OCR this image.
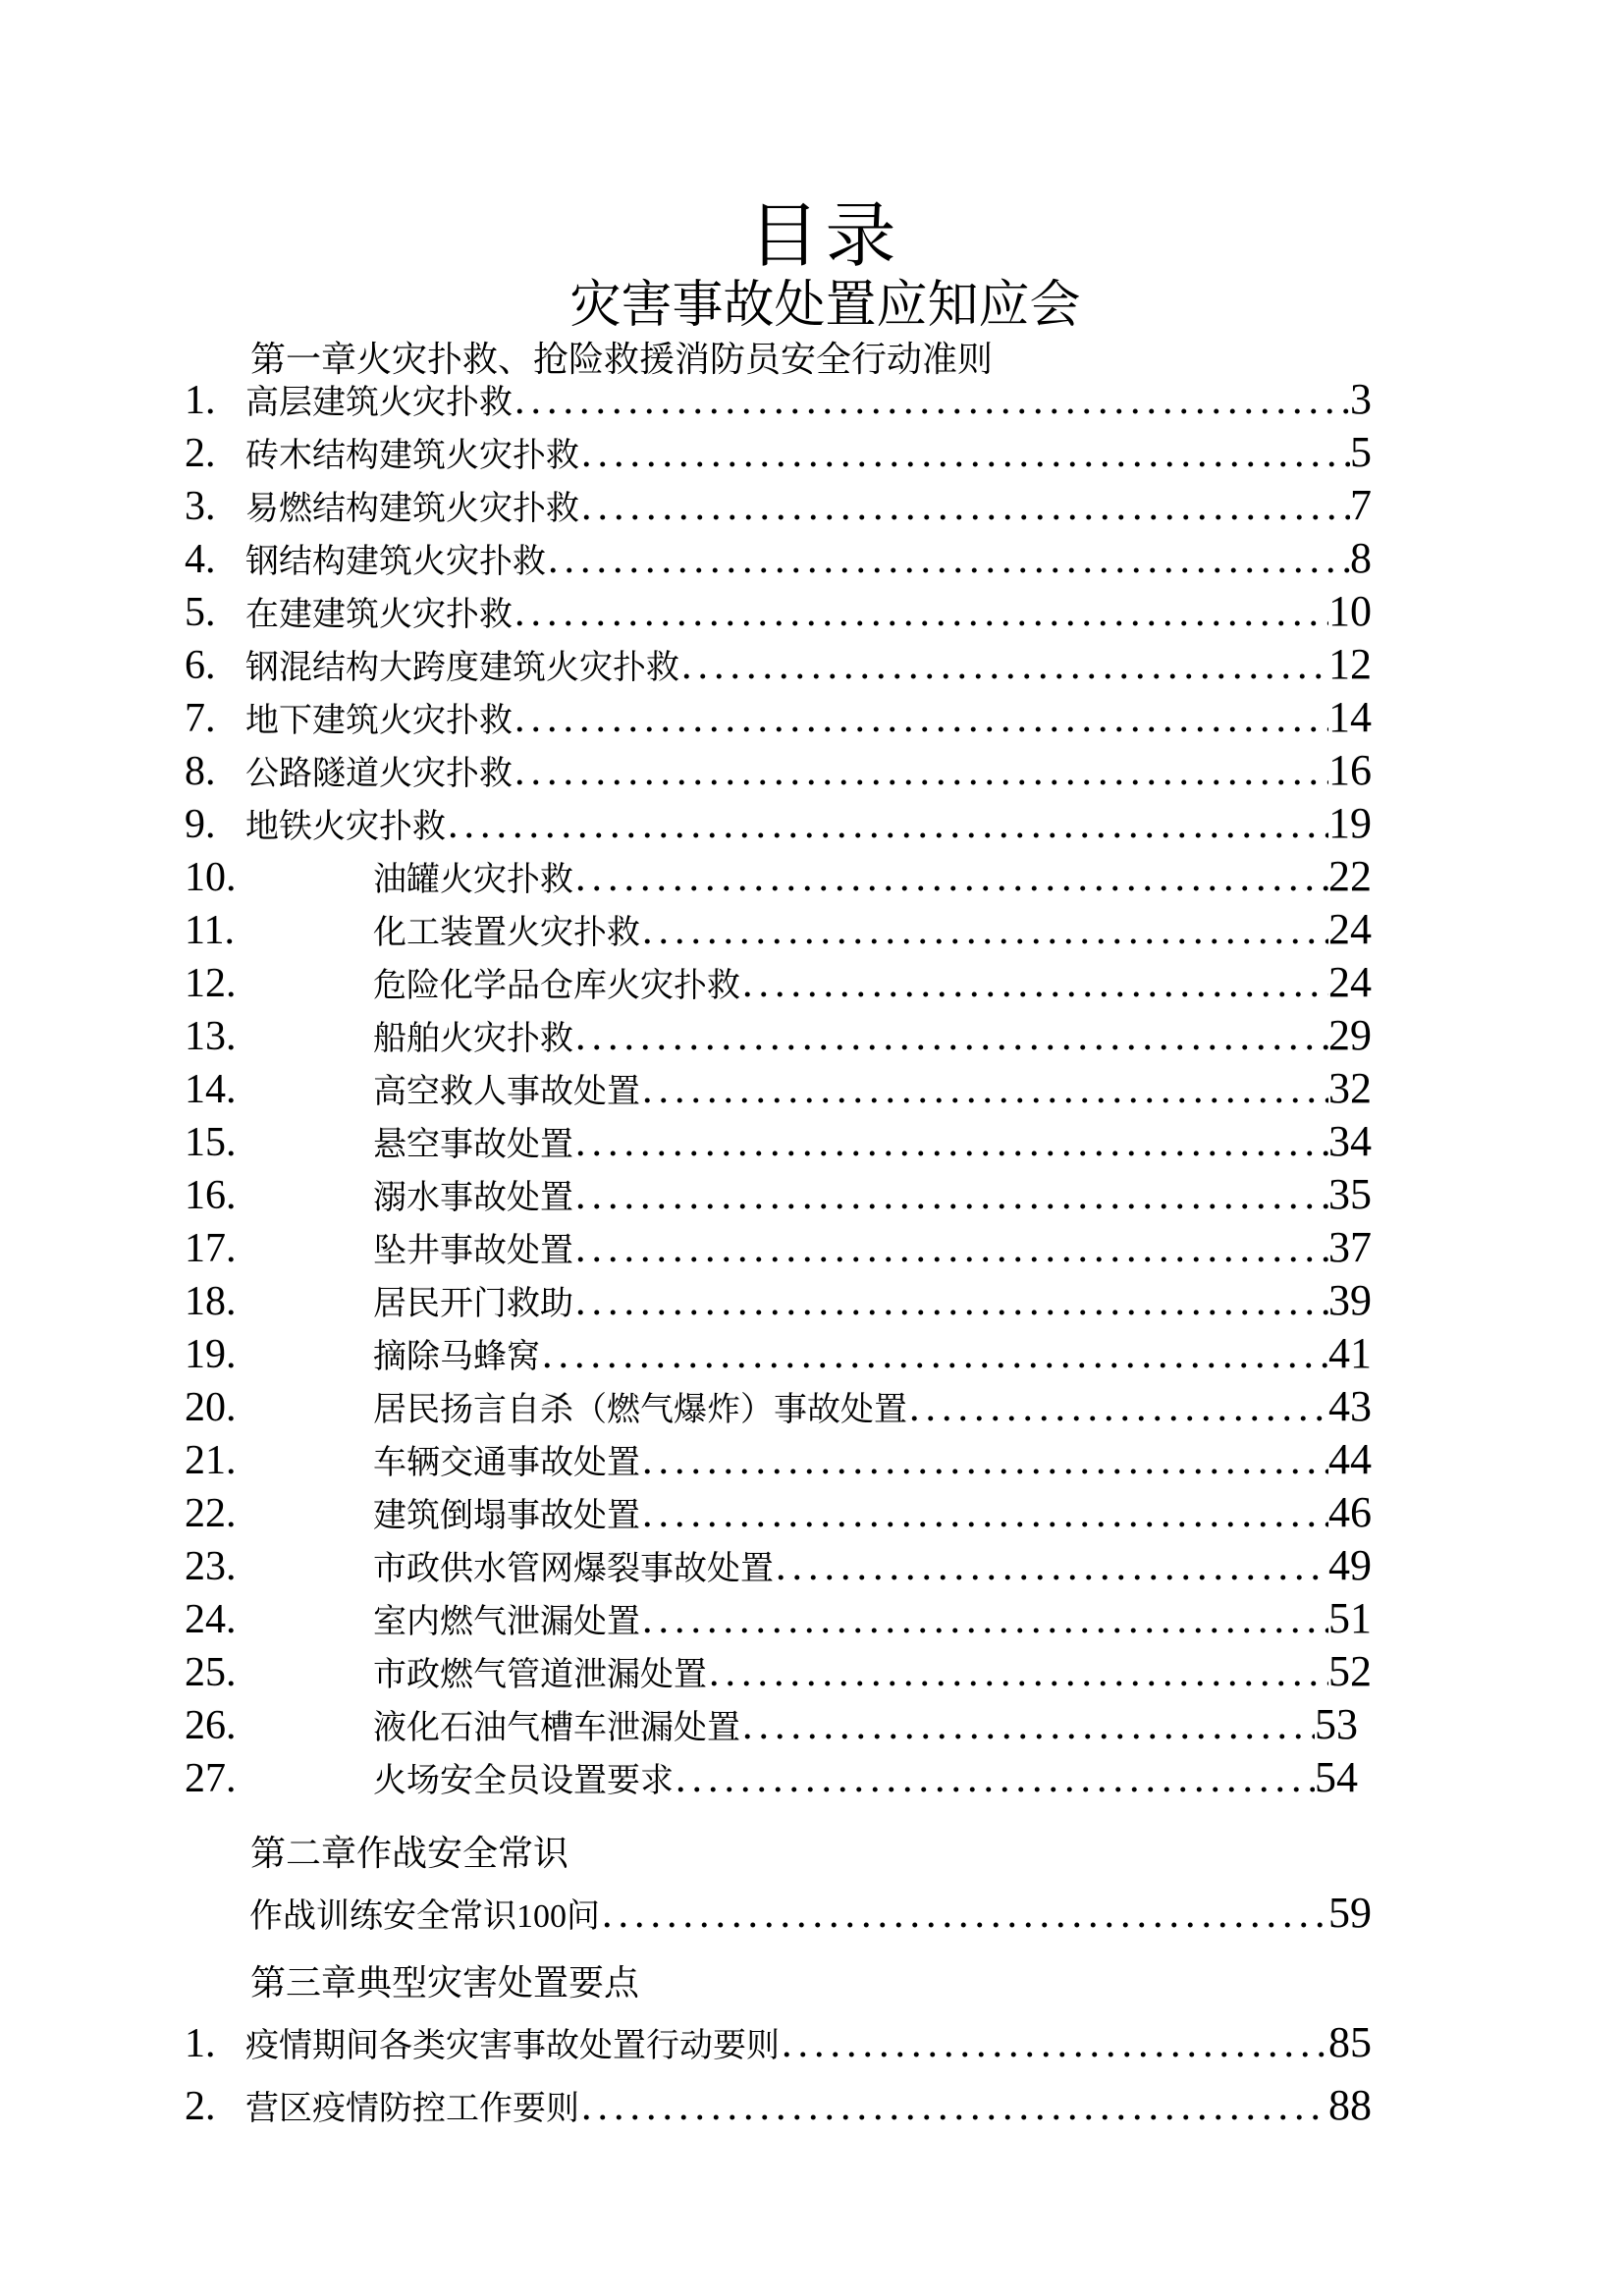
目录
灾害事故处置应知应会
第一章火灾扑救、抢险救援消防员安全行动准则
1. 高层建筑火灾扑救 .....	3
2. 砖木结构建筑火灾扑救 .....	5
3. 易燃结构建筑火灾扑救 .....	7
4. 钢结构建筑火灾扑救 .....	8
5. 在建建筑火灾扑救 .....	10
6. 钢混结构大跨度建筑火灾扑救 .....	12
7. 地下建筑火灾扑救 .....	14
8. 公路隧道火灾扑救 .....	16
9. 地铁火灾扑救 .....	19
10.	油罐火灾扑救 .....	22
11.	化工装置火灾扑救 .....	24
12.	危险化学品仓库火灾扑救 .....	24
13.	船舶火灾扑救 .....	29
14.	高空救人事故处置 .....	32
15.	悬空事故处置 .....	34
16.	溺水事故处置 .....	35
17.	坠井事故处置 .....	37
18.	居民开门救助 .....	39
19.	摘除马蜂窝 .....	41
20.	居民扬言自杀（燃气爆炸）事故处置 .....	43
21.	车辆交通事故处置 .....	44
22.	建筑倒塌事故处置 .....	46
23.	市政供水管网爆裂事故处置 .....	49
24.	室内燃气泄漏处置 .....	51
25.	市政燃气管道泄漏处置 .....	52
26.	液化石油气槽车泄漏处置 .....	53
27.	火场安全员设置要求 .....	54
第二章作战安全常识
作战训练安全常识100问 .....	59
第三章典型灾害处置要点
1. 疫情期间各类灾害事故处置行动要则 .....	85
2. 营区疫情防控工作要则 .....	88
